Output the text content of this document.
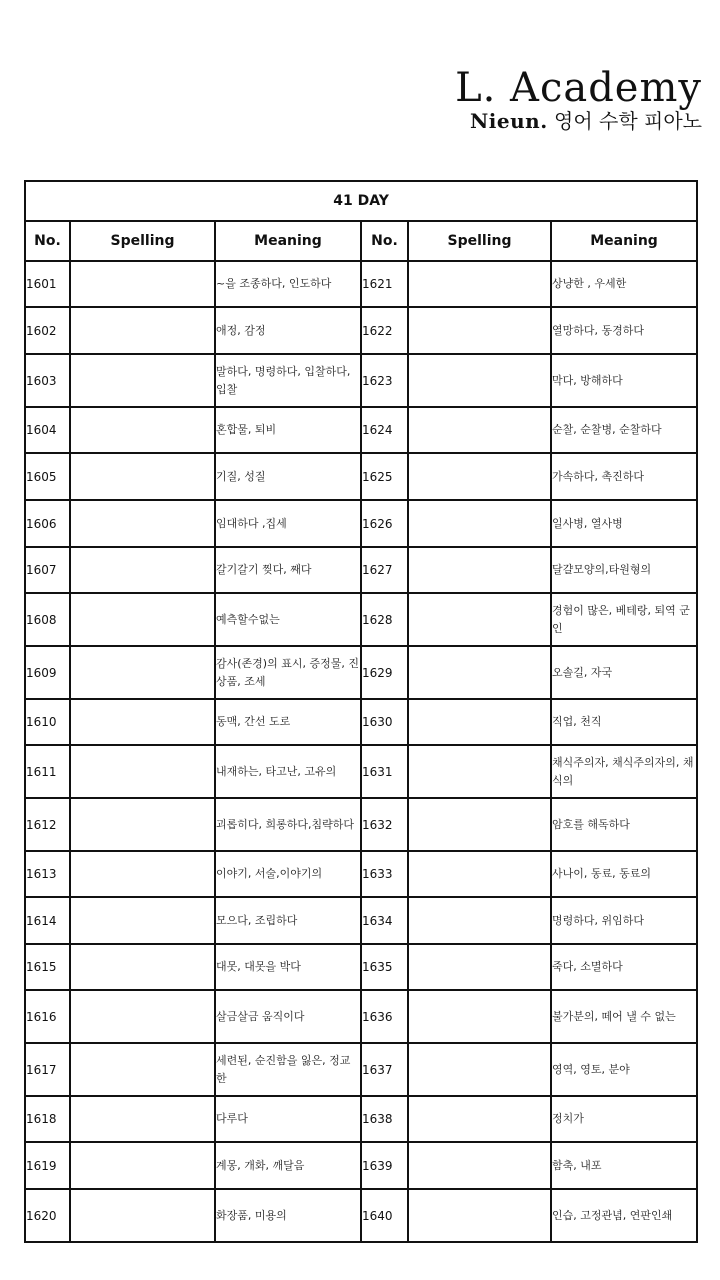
L. Academy
Nieun. 영어 수학 피아노
41 DAY					
No.	Spelling	Meaning	No.	Spelling	Meaning
1601		~을 조종하다, 인도하다	1621		상냥한 , 우세한
1602		애정, 감정	1622		열망하다, 동경하다
1603		말하다, 명령하다, 입찰하다, 입찰	1623		막다, 방해하다
1604		혼합물, 퇴비	1624		순찰, 순찰병, 순찰하다
1605		기질, 성질	1625		가속하다, 촉진하다
1606		임대하다 ,집세	1626		일사병, 열사병
1607		갈기갈기 찢다, 째다	1627		달걀모양의,타원형의
1608		예측할수없는	1628		경험이 많은, 베테랑, 퇴역 군인
1609		감사(존경)의 표시, 증정물, 진상품, 조세	1629		오솔길, 자국
1610		동맥, 간선 도로	1630		직업, 천직
1611		내재하는, 타고난, 고유의	1631		채식주의자, 채식주의자의, 채식의
1612		괴롭히다, 희롱하다,침략하다	1632		암호를 해독하다
1613		이야기, 서술,이야기의	1633		사나이, 동료, 동료의
1614		모으다, 조립하다	1634		명령하다, 위임하다
1615		대못, 대못을 박다	1635		죽다, 소멸하다
1616		살금살금 움직이다	1636		불가분의, 떼어 낼 수 없는
1617		세련된, 순진함을 잃은, 정교한	1637		영역, 영토, 분야
1618		다루다	1638		정치가
1619		계몽, 개화, 깨달음	1639		함축, 내포
1620		화장품, 미용의	1640		인습, 고정관념, 연판인쇄
